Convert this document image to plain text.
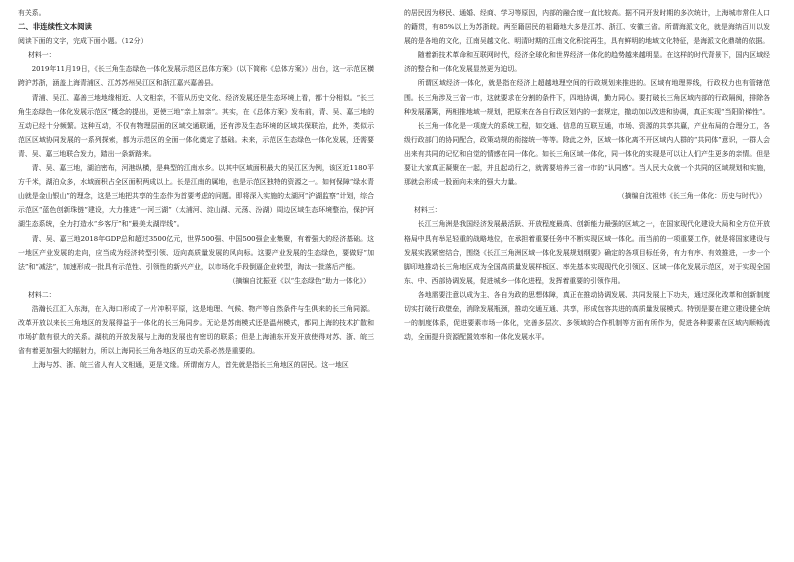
有关系。

二、非连续性文本阅读

阅读下面的文字，完成下面小题。（12分）

材料一：

2019年11月19日，《长三角生态绿色一体化发展示范区总体方案》（以下简称《总体方案》）出台，这一示范区横跨沪苏浙，涵盖上海青浦区、江苏苏州吴江区和浙江嘉兴嘉善县。

青浦、吴江、嘉善三地地缘相近、人文相亲，不管从历史文化、经济发展还是生态环境上看，都十分相似。“长三角生态绿色一体化发展示范区”概念的提出，更使三地“亲上加亲”。其实，在《总体方案》发布前，青、吴、嘉三地的互动已经十分频繁。这种互动，不仅有物理层面的区域交通联通，还有涉及生态环境的区域共保联治，此外，类似示范区区域协同发展的一系列探索，都为示范区的全面一体化奠定了基础。未来，示范区生态绿色一体化发展，还需要青、吴、嘉三地联合发力，踏出一条新路来。

青、吴、嘉三地，湖泊密布，河港纵横，是典型的江南水乡。以其中区域面积最大的吴江区为例，该区近1180平方千米，湖泊众多，水域面积占全区面积两成以上。长是江南的属地，也是示范区独特的资源之一。如何保障“绿水青山就是金山银山”的理念，这是三地把共享的生态作为首要考虑的问题。即将深入实施的太湖河“沪湖监察”计划，综合示范区“蓝色创新珠链”建设，大力推进“一河三湖”（太浦河、淀山湖、元荡、汾湖）周边区域生态环境整治，保护河湖生态系统，全力打造水“乡客厅”和“最美太湖岸线”。

青、吴、嘉三地2018年GDP总和超过3500亿元，世界500强、中国500强企业集聚，有着强大的经济基础。这一地区产业发展的走向，应当成为经济转型引领、迈向高质量发展的风向标。这要产业发展的生态绿色，要做好“加法”和“减法”，加速形成一批具有示范性、引领性的新兴产业，以市场化手段倒逼企业转型，淘汰一批落后产能。

（摘编自沈振亚《以“生态绿色”助力一体化》）

材料二：

浩瀚长江汇入东海，在入海口形成了一片冲积平原，这是地理、气候、物产等自然条件与生俱来的长三角同源。改革开放以来长三角地区的发展得益于一体化的长三角同步。无论是苏南模式还是温州模式，都同上海的技术扩散和市场扩散有很大的关系。湖杭的开放发展与上海的发展也有密切的联系；但是上海浦东开发开放使得对苏、浙、皖三省有着更加强大的辐射力，所以上海同长三角各地区的互动关系必然是重要的。

上海与苏、浙、皖三省人有人文相通，更是文缘。所谓南方人，首先就是指长三角地区的居民。这一地区

的居民因为移民、通婚、经商、学习等原因，内部的融合度一直比较高。据不同开发时期的多次统计，上海城市常住人口的籍贯，有85%以上为苏浙皖。两至籍居民的祖籍地大多是江苏、浙江、安徽三省。所谓海派文化，就是海纳百川以发展的是各地的文化，江南吴越文化、明清时期的江南文化积淀再生，具有鲜明的地域文化特征，是海派文化鼎端的依据。

随着新技术革命和互联网时代，经济全球化和世界经济一体化的趋势越来越明显。在这样的时代背景下，国内区域经济的整合和一体化发展显然更为迫切。

所谓区域经济一体化，就是指在经济上超越地理空间的行政规划来推进的。区域有地理界线，行政权力也有管辖范围。长三角涉及三省一市，这就要求在分割的条件下，四地协调，勤力同心。要打破长三角区域内部的行政隔阂，排除各种发展藩篱，两相推地域一规划，把原来在各自行政区划内的一套规定，撤动加以改进和协调，真正实现“当阳阶梯性”。

长三角一体化是一项庞大的系统工程，如交通、信息的互联互通，市场、资源的共享共赢，产业布局的合理分工，各级行政部门的协同配合，政策动规的衔接统一等等。除此之外，区域一体化离不开区域内人群的“共同体”意识，一群人会出来有共同的记忆和自觉的情感在同一体化。如长三角区域一体化，同一体化的实现是可以让人们产生更多的亲情。但是要让大家真正凝聚在一起，并且起动行之，就需要培养三省一市的“认同感”。当人民大众就一个共同的区域规划和实施，那就会形成一股面向未来的强大力量。

（摘编自沈祖炜《长三角一体化：历史与时代》）

材料三：

长江三角洲是我国经济发展最活跃、开放程度最高、创新能力最强的区域之一，在国家现代化建设大局和全方位开放格局中具有举足轻重的战略地位，在承担着重要任务中不断实现区域一体化。而当前的一项重要工作，就是将国家建设与发展实践紧密结合，围绕《长江三角洲区域一体化发展规划纲要》确定的各项目标任务，有力有序、有效推进，一步一个脚印地推动长三角地区成为全国高质量发展样板区、率先基本实现现代化引领区、区域一体化发展示范区，对于实现全国东、中、西部协调发展，促进城乡一体化进程，发挥着重要的引领作用。

各地需要注意以成为主、各自为政的思想体障，真正在推动协调发展、共同发展上下功夫，通过深化改革和创新制度切实打破行政壁垒，消除发展瓶颈，推动交通互通、共享，形成包容共进的高质量发展模式。特别是要在建立建设健全统一的制度体系，促进要素市场一体化，完善多层次、多领域的合作机制等方面有所作为，促进各种要素在区域内顺畅流动，全面提升资源配置效率和一体化发展水平。
